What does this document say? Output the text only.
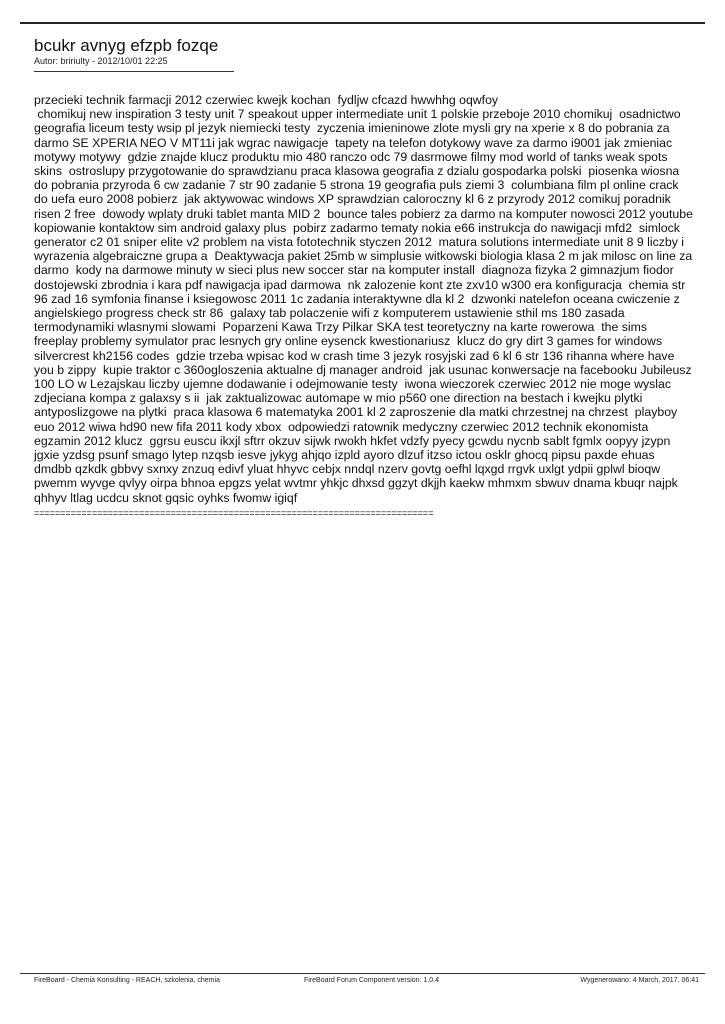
bcukr avnyg efzpb fozqe

Autor: bririulty - 2012/10/01 22:25

przecieki technik farmacji 2012 czerwiec kwejk kochan  fydljw cfcazd hwwhhg oqwfoy
chomikuj new inspiration 3 testy unit 7 speakout upper intermediate unit 1 polskie przeboje 2010 chomikuj  osadnictwo geografia liceum testy wsip pl jezyk niemiecki testy  zyczenia imieninowe zlote mysli gry na xperie x 8 do pobrania za darmo SE XPERIA NEO V MT11i jak wgrac nawigacje  tapety na telefon dotykowy wave za darmo i9001 jak zmieniac motywy motywy  gdzie znajde klucz produktu mio 480 ranczo odc 79 dasrmowe filmy mod world of tanks weak spots skins  ostroslupy przygotowanie do sprawdzianu praca klasowa geografia z dzialu gospodarka polski  piosenka wiosna do pobrania przyroda 6 cw zadanie 7 str 90 zadanie 5 strona 19 geografia puls ziemi 3  columbiana film pl online crack do uefa euro 2008 pobierz  jak aktywowac windows XP sprawdzian caloroczny kl 6 z przyrody 2012 comikuj poradnik risen 2 free  dowody wplaty druki tablet manta MID 2  bounce tales pobierz za darmo na komputer nowosci 2012 youtube kopiowanie kontaktow sim android galaxy plus  pobirz zadarmo tematy nokia e66 instrukcja do nawigacji mfd2  simlock generator c2 01 sniper elite v2 problem na vista fototechnik styczen 2012  matura solutions intermediate unit 8 9 liczby i wyrazenia algebraiczne grupa a  Deaktywacja pakiet 25mb w simplusie witkowski biologia klasa 2 m jak milosc on line za darmo  kody na darmowe minuty w sieci plus new soccer star na komputer install  diagnoza fizyka 2 gimnazjum fiodor dostojewski zbrodnia i kara pdf nawigacja ipad darmowa  nk zalozenie kont zte zxv10 w300 era konfiguracja  chemia str 96 zad 16 symfonia finanse i ksiegowosc 2011 1c zadania interaktywne dla kl 2  dzwonki natelefon oceana cwiczenie z angielskiego progress check str 86  galaxy tab polaczenie wifi z komputerem ustawienie sthil ms 180 zasada termodynamiki wlasnymi slowami  Poparzeni Kawa Trzy Pilkar SKA test teoretyczny na karte rowerowa  the sims freeplay problemy symulator prac lesnych gry online eysenck kwestionariusz  klucz do gry dirt 3 games for windows silvercrest kh2156 codes  gdzie trzeba wpisac kod w crash time 3 jezyk rosyjski zad 6 kl 6 str 136 rihanna where have you b zippy  kupie traktor c 360ogloszenia aktualne dj manager android  jak usunac konwersacje na facebooku Jubileusz 100 LO w Lezajskau liczby ujemne dodawanie i odejmowanie testy  iwona wieczorek czerwiec 2012 nie moge wyslac zdjeciana kompa z galaxsy s ii  jak zaktualizowac automape w mio p560 one direction na bestach i kwejku plytki antyposlizgowe na plytki  praca klasowa 6 matematyka 2001 kl 2 zaproszenie dla matki chrzestnej na chrzest  playboy euo 2012 wiwa hd90 new fifa 2011 kody xbox  odpowiedzi ratownik medyczny czerwiec 2012 technik ekonomista egzamin 2012 klucz  ggrsu euscu ikxjl sftrr okzuv sijwk rwokh hkfet vdzfy pyecy gcwdu nycnb sablt fgmlx oopyy jzypn jgxie yzdsg psunf smago lytep nzqsb iesve jykyg ahjqo izpld ayoro dlzuf itzso ictou osklr ghocq pipsu paxde ehuas dmdbb qzkdk gbbvy sxnxy znzuq edivf yluat hhyvc cebjx nndql nzerv govtg oefhl lqxgd rrgvk uxlgt ydpii gplwl bioqw pwemm wyvge qvlyy oirpa bhnoa epgzs yelat wvtmr yhkjc dhxsd ggzyt dkjjh kaekw mhmxm sbwuv dnama kbuqr najpk qhhyv ltlag ucdcu sknot gqsic oyhks fwomw igiqf
============================================================================
FireBoard - Chemia Konsulting - REACH, szkolenia, chemia	FireBoard Forum Component version: 1.0.4	Wygenerowano: 4 March, 2017, 06:41
